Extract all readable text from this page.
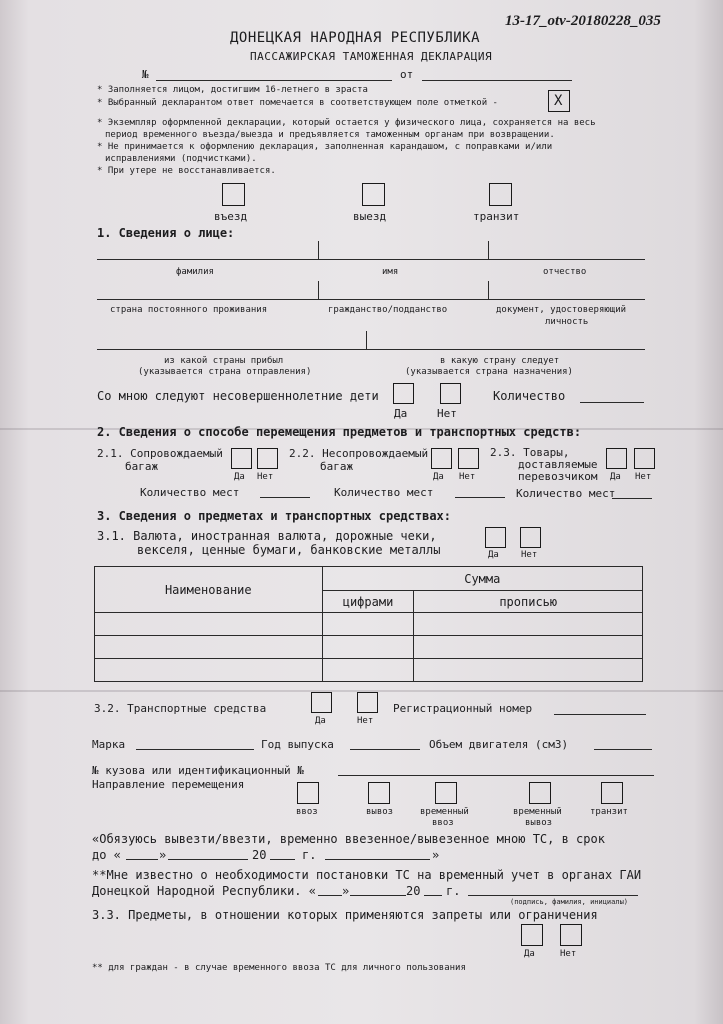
13-17_otv-20180228_035
ДОНЕЦКАЯ НАРОДНАЯ РЕСПУБЛИКА
ПАССАЖИРСКАЯ ТАМОЖЕННАЯ ДЕКЛАРАЦИЯ
№	от
* Заполняется лицом, достигшим 16-летнего в зраста
* Выбранный декларантом ответ помечается в соответствующем поле отметкой -	X
* Экземпляр оформленной декларации, который остается у физического лица, сохраняется на весь
период временного въезда/выезда и предъявляется таможенным органам при возвращении.
* Не принимается к оформлению декларация, заполненная карандашом, с поправками и/или
исправлениями (подчистками).
* При утере не восстанавливается.
въезд	выезд	транзит
1. Сведения о лице:
фамилия	имя	отчество
страна постоянного проживания	гражданство/подданство	документ, удостоверяющий
личность
из какой страны прибыл
(указывается страна отправления)
в какую страну следует
(указывается страна назначения)
Со мною следуют несовершеннолетние дети
Да	Нет
Количество
2. Сведения о способе перемещения предметов и транспортных средств:
2.1. Сопровождаемый
багаж
Да Нет
2.2. Несопровождаемый
багаж
Да Нет
2.3. Товары,
доставляемые
перевозчиком Да Нет
Количество мест	Количество мест	Количество мест
3. Сведения о предметах и транспортных средствах:
3.1. Валюта, иностранная валюта, дорожные чеки,
векселя, ценные бумаги, банковские металлы	Да Нет
Наименование	Сумма	
	цифрами	прописью

3.2. Транспортные средства
Да	Нет
Регистрационный номер
Марка	Год выпуска	Объем двигателя (см3)
№ кузова или идентификационный №
Направление перемещения
ввоз	вывоз	временный
ввоз
временный
вывоз
транзит
«Обязуюсь вывезти/ввезти, временно ввезенное/вывезенное мною ТС, в срок
до «	»	20	г.	»
**Мне известно о необходимости постановки ТС на временный учет в органах ГАИ
Донецкой Народной Республики. « »	20 г.
(подпись, фамилия, инициалы)
3.3. Предметы, в отношении которых применяются запреты или ограничения
Да	Нет
** для граждан - в случае временного ввоза ТС для личного пользования
